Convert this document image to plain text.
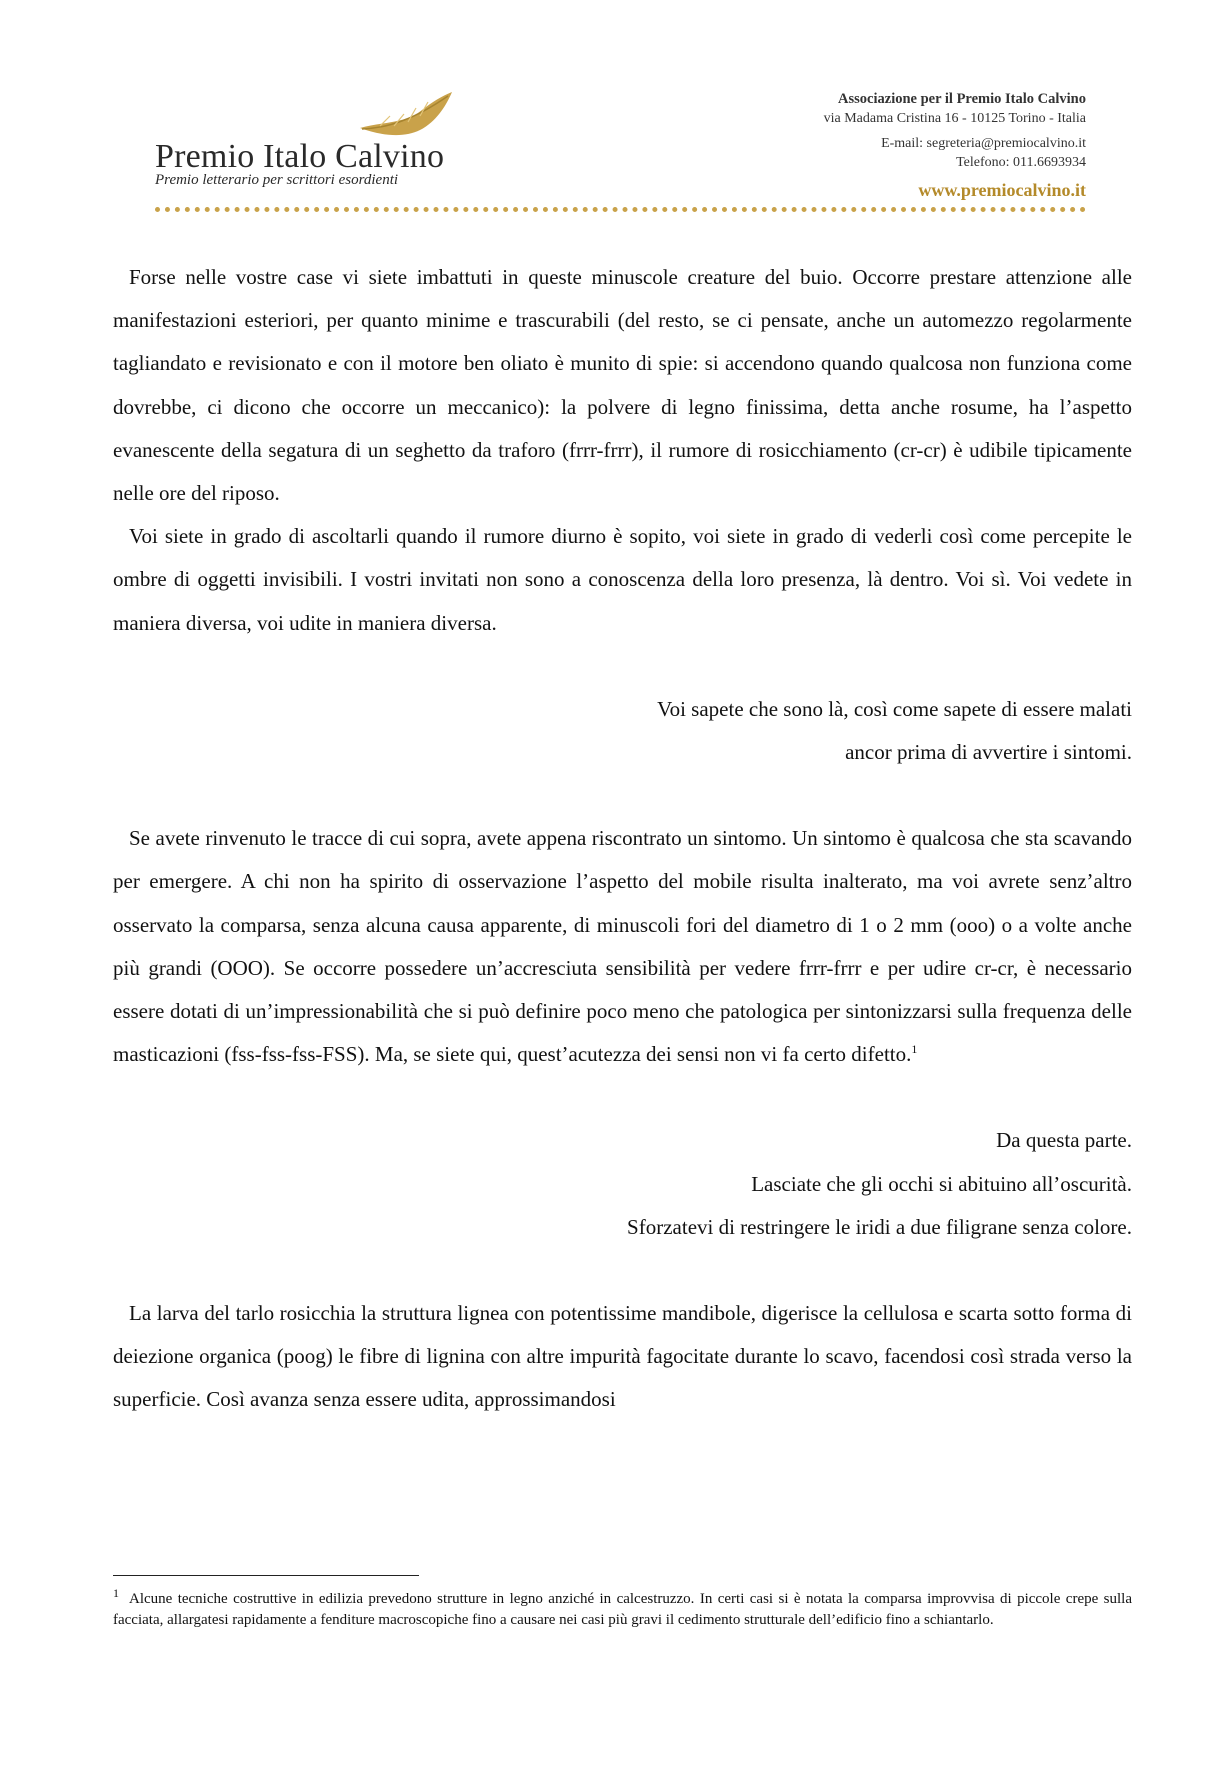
Premio Italo Calvino
Premio letterario per scrittori esordienti
Associazione per il Premio Italo Calvino
via Madama Cristina 16 - 10125 Torino - Italia
E-mail: segreteria@premiocalvino.it
Telefono: 011.6693934
www.premiocalvino.it

Forse nelle vostre case vi siete imbattuti in queste minuscole creature del buio. Occorre prestare attenzione alle manifestazioni esteriori, per quanto minime e trascurabili (del resto, se ci pensate, anche un automezzo regolarmente tagliandato e revisionato e con il motore ben oliato è munito di spie: si accendono quando qualcosa non funziona come dovrebbe, ci dicono che occorre un meccanico): la polvere di legno finissima, detta anche rosume, ha l’aspetto evanescente della segatura di un seghetto da traforo (frrr-frrr), il rumore di rosicchiamento (cr-cr) è udibile tipicamente nelle ore del riposo.

Voi siete in grado di ascoltarli quando il rumore diurno è sopito, voi siete in grado di vederli così come percepite le ombre di oggetti invisibili. I vostri invitati non sono a conoscenza della loro presenza, là dentro. Voi sì. Voi vedete in maniera diversa, voi udite in maniera diversa.

Voi sapete che sono là, così come sapete di essere malati

ancor prima di avvertire i sintomi.

Se avete rinvenuto le tracce di cui sopra, avete appena riscontrato un sintomo. Un sintomo è qualcosa che sta scavando per emergere. A chi non ha spirito di osservazione l’aspetto del mobile risulta inalterato, ma voi avrete senz’altro osservato la comparsa, senza alcuna causa apparente, di minuscoli fori del diametro di 1 o 2 mm (ooo) o a volte anche più grandi (OOO). Se occorre possedere un’accresciuta sensibilità per vedere frrr-frrr e per udire cr-cr, è necessario essere dotati di un’impressionabilità che si può definire poco meno che patologica per sintonizzarsi sulla frequenza delle masticazioni (fss-fss-fss-FSS). Ma, se siete qui, quest’acutezza dei sensi non vi fa certo difetto.$^1$

Da questa parte.

Lasciate che gli occhi si abituino all’oscurità.

Sforzatevi di restringere le iridi a due filigrane senza colore.

La larva del tarlo rosicchia la struttura lignea con potentissime mandibole, digerisce la cellulosa e scarta sotto forma di deiezione organica (poog) le fibre di lignina con altre impurità fagocitate durante lo scavo, facendosi così strada verso la superficie. Così avanza senza essere udita, approssimandosi

$^1$ Alcune tecniche costruttive in edilizia prevedono strutture in legno anziché in calcestruzzo. In certi casi si è notata la comparsa improvvisa di piccole crepe sulla facciata, allargatesi rapidamente a fenditure macroscopiche fino a causare nei casi più gravi il cedimento strutturale dell’edificio fino a schiantarlo.
